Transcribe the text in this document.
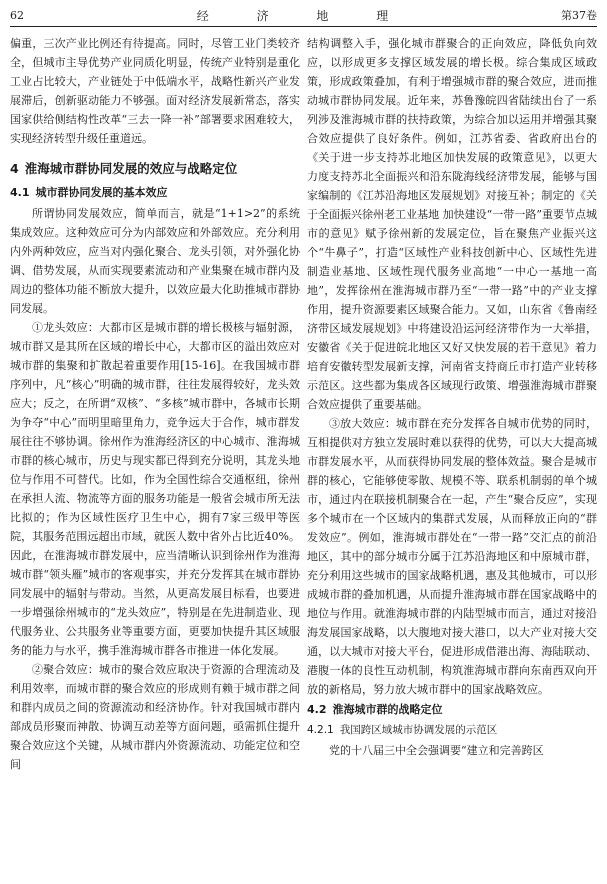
62	经 济 地 理	第37卷

偏重，三次产业比例还有待提高。同时，尽管工业门类较齐全，但城市主导优势产业同质化明显，传统产业特别是重化工业占比较大，产业链处于中低端水平，战略性新兴产业发展滞后，创新驱动能力不够强。面对经济发展新常态，落实国家供给侧结构性改革“三去一降一补”部署要求困难较大，实现经济转型升级任重道远。

4 淮海城市群协同发展的效应与战略定位
4.1 城市群协同发展的基本效应

所谓协同发展效应，简单而言，就是“1+1>2”的系统集成效应。这种效应可分为内部效应和外部效应。充分利用内外两种效应，应当对内强化聚合、龙头引领，对外强化协调、借势发展，从而实现要素流动和产业集聚在城市群内及周边的整体功能不断放大提升，以效应最大化助推城市群协同发展。

①龙头效应：大都市区是城市群的增长极核与辐射源，城市群又是其所在区域的增长中心，大都市区的溢出效应对城市群的集聚和扩散起着重要作用[15-16]。在我国城市群序列中，凡“核心”明确的城市群，往往发展得较好，龙头效应大；反之，在所谓“双核”、“多核”城市群中，各城市长期为争夺“中心”而明里暗里角力，竞争远大于合作，城市群发展往往不够协调。徐州作为淮海经济区的中心城市、淮海城市群的核心城市，历史与现实都已得到充分说明，其龙头地位与作用不可替代。比如，作为全国性综合交通枢纽，徐州在承担人流、物流等方面的服务功能是一般省会城市所无法比拟的；作为区域性医疗卫生中心，拥有7家三级甲等医院，其服务范围远超出市域，就医人数中省外占比近40%。因此，在淮海城市群发展中，应当清晰认识到徐州作为淮海城市群“领头雁”城市的客观事实，并充分发挥其在城市群协同发展中的辐射与带动。当然，从更高发展目标看，也要进一步增强徐州城市的“龙头效应”，特别是在先进制造业、现代服务业、公共服务业等重要方面，更要加快提升其区域服务的能力与水平，携手淮海城市群各市推进一体化发展。

②聚合效应：城市的聚合效应取决于资源的合理流动及利用效率，而城市群的聚合效应的形成则有赖于城市群之间和群内成员之间的资源流动和经济协作。针对我国城市群内部成员形聚而神散、协调互动差等方面问题，亟需抓住提升聚合效应这个关键，从城市群内外资源流动、功能定位和空间

结构调整入手，强化城市群聚合的正向效应，降低负向效应，以形成更多支撑区域发展的增长极。综合集成区域政策，形成政策叠加，有利于增强城市群的聚合效应，进而推动城市群协同发展。近年来，苏鲁豫皖四省陆续出台了一系列涉及淮海城市群的扶持政策，为综合加以运用并增强其聚合效应提供了良好条件。例如，江苏省委、省政府出台的《关于进一步支持苏北地区加快发展的政策意见》，以更大力度支持苏北全面振兴和沿东陇海线经济带发展，能够与国家编制的《江苏沿海地区发展规划》对接互补；制定的《关于全面振兴徐州老工业基地 加快建设“一带一路”重要节点城市的意见》赋予徐州新的发展定位，旨在聚焦产业振兴这个“牛鼻子”，打造“区域性产业科技创新中心、区域性先进制造业基地、区域性现代服务业高地“一中心一基地一高地”，发挥徐州在淮海城市群乃至“一带一路”中的产业支撑作用，提升资源要素区域聚合能力。又如，山东省《鲁南经济带区域发展规划》中将建设沿运河经济带作为一大举措，安徽省《关于促进皖北地区又好又快发展的若干意见》着力培育安徽转型发展新支撑，河南省支持商丘市打造产业转移示范区。这些都为集成各区域现行政策、增强淮海城市群聚合效应提供了重要基础。

③放大效应：城市群在充分发挥各自城市优势的同时，互相提供对方独立发展时难以获得的优势，可以大大提高城市群发展水平，从而获得协同发展的整体效益。聚合是城市群的核心，它能够使零散、规模不等、联系机制弱的单个城市，通过内在联接机制聚合在一起，产生“聚合反应”，实现多个城市在一个区域内的集群式发展，从而释放正向的“群发效应”。例如，淮海城市群处在“一带一路”交汇点的前沿地区，其中的部分城市分属于江苏沿海地区和中原城市群，充分利用这些城市的国家战略机遇，惠及其他城市，可以形成城市群的叠加机遇，从而提升淮海城市群在国家战略中的地位与作用。就淮海城市群的内陆型城市而言，通过对接沿海发展国家战略，以大腹地对接大港口，以大产业对接大交通，以大城市对接大平台，促进形成借港出海、海陆联动、港腹一体的良性互动机制，构筑淮海城市群向东南西双向开放的新格局，努力放大城市群中的国家战略效应。

4.2 淮海城市群的战略定位
4.2.1 我国跨区域城市协调发展的示范区

党的十八届三中全会强调要“建立和完善跨区
